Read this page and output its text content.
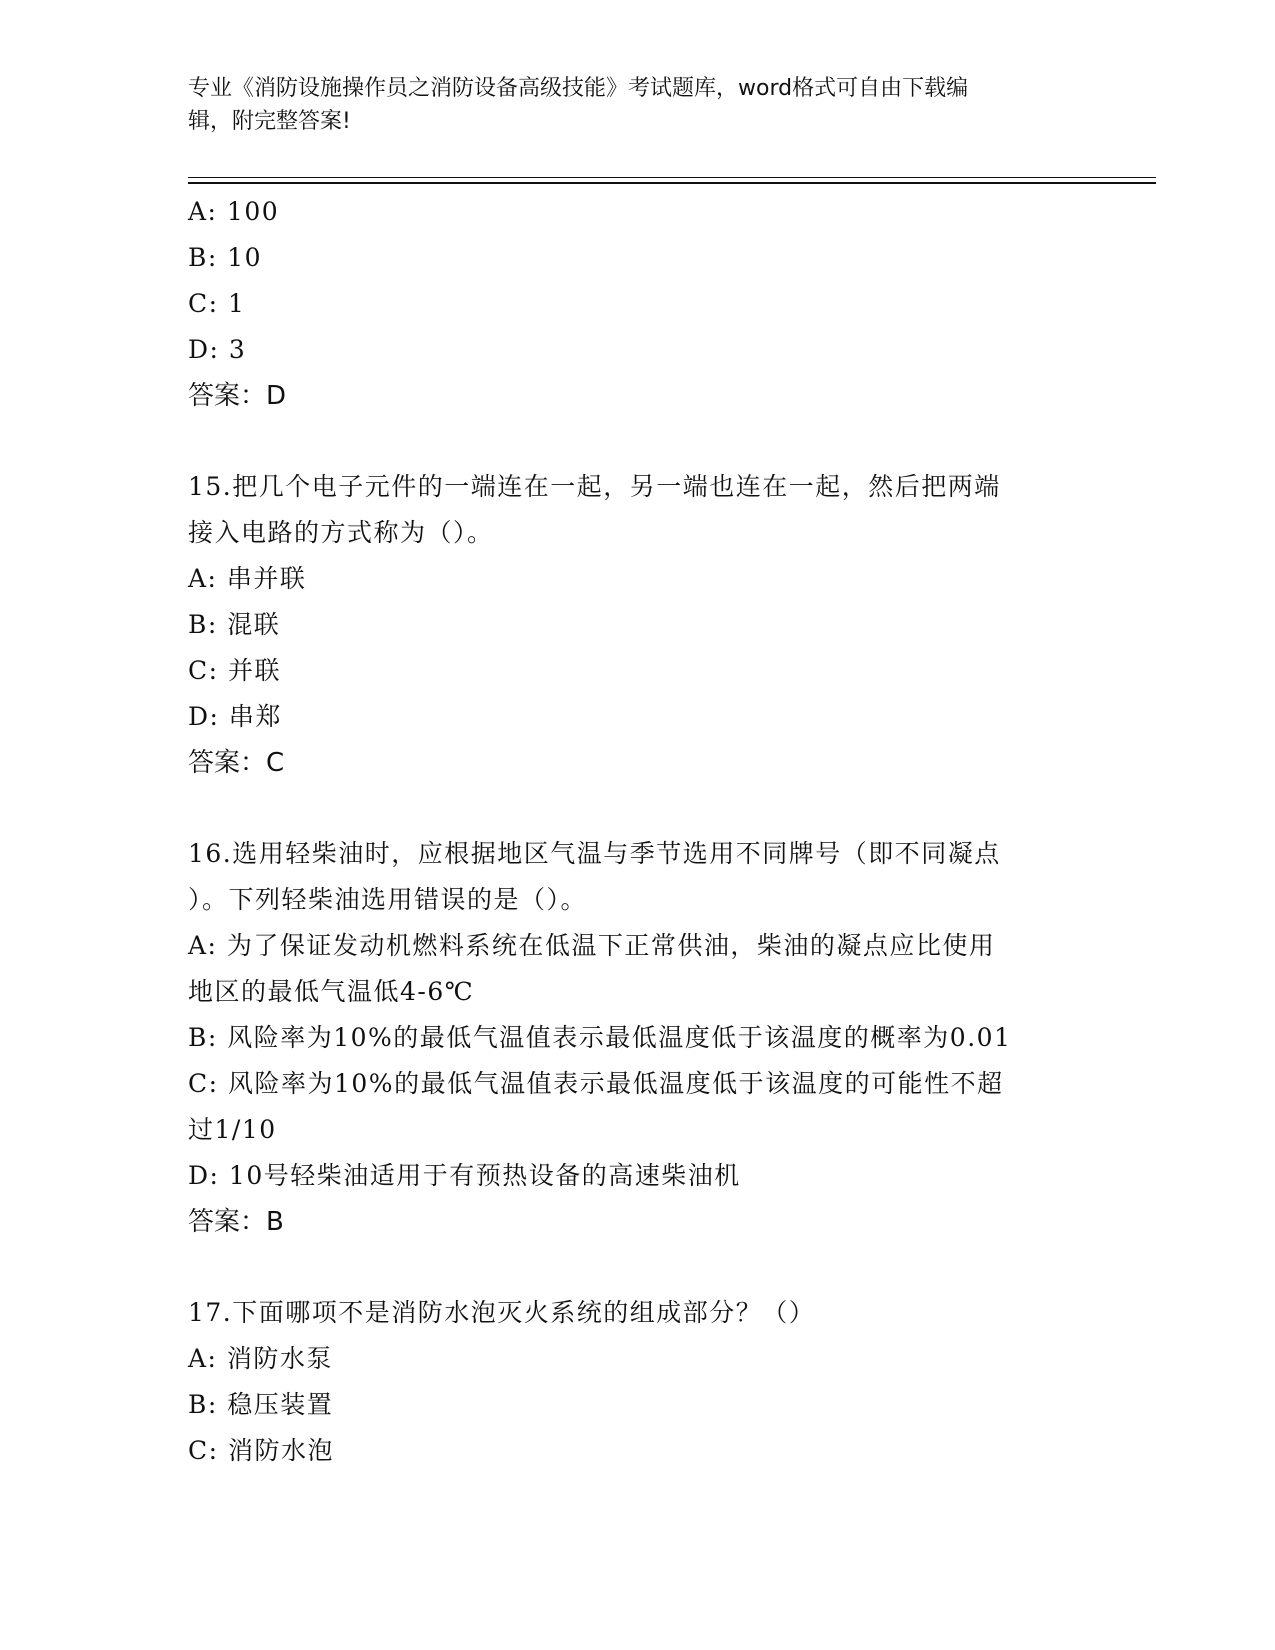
专业《消防设施操作员之消防设备高级技能》考试题库，word格式可自由下载编
辑，附完整答案!
A: 100
B: 10
C: 1
D: 3
答案：D
15.把几个电子元件的一端连在一起，另一端也连在一起，然后把两端
接入电路的方式称为（）。
A: 串并联
B: 混联
C: 并联
D: 串郑
答案：C
16.选用轻柴油时，应根据地区气温与季节选用不同牌号（即不同凝点
）。下列轻柴油选用错误的是（）。
A: 为了保证发动机燃料系统在低温下正常供油，柴油的凝点应比使用
地区的最低气温低4-6℃
B: 风险率为10%的最低气温值表示最低温度低于该温度的概率为0.01
C: 风险率为10%的最低气温值表示最低温度低于该温度的可能性不超
过1/10
D: 10号轻柴油适用于有预热设备的高速柴油机
答案：B
17.下面哪项不是消防水泡灭火系统的组成部分？（）
A: 消防水泵
B: 稳压装置
C: 消防水泡
